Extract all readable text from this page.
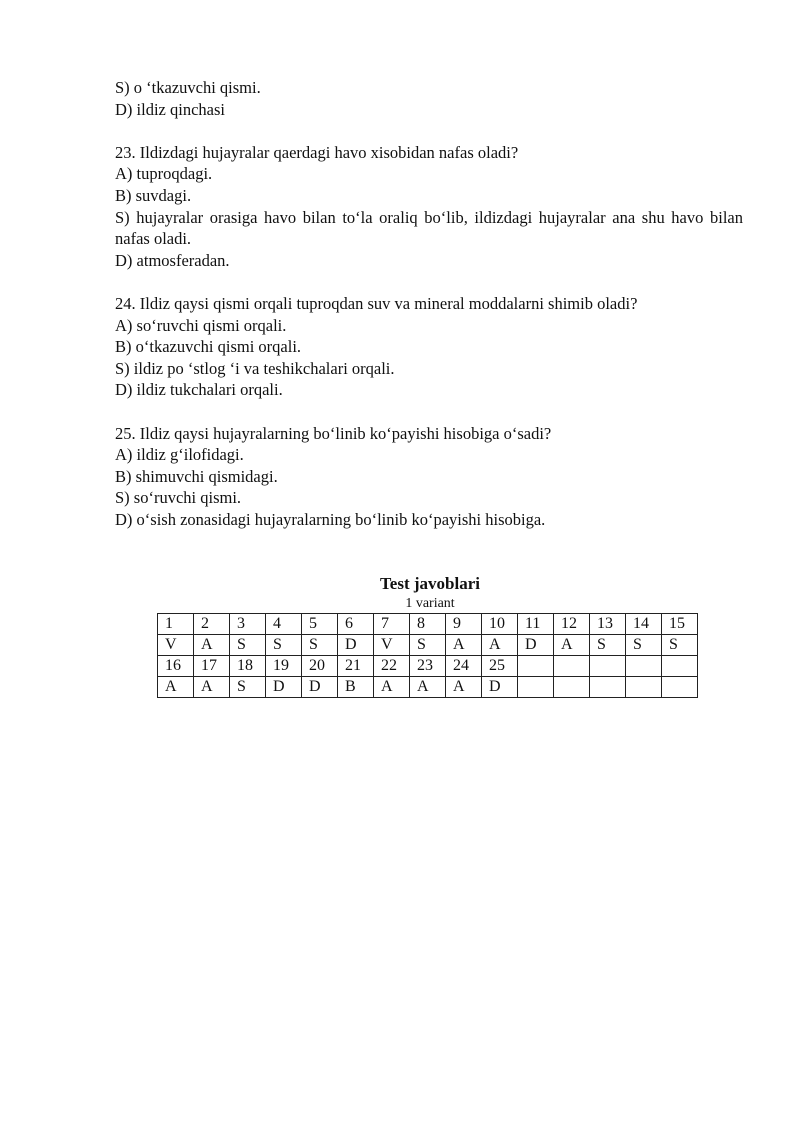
S) o ‘tkazuvchi qismi.

D) ildiz qinchasi

23. Ildizdagi hujayralar qaerdagi havo xisobidan nafas oladi?

A) tuproqdagi.

B) suvdagi.

S) hujayralar orasiga havo bilan to‘la oraliq bo‘lib, ildizdagi hujayralar ana shu havo bilan nafas oladi.

D) atmosferadan.

24. Ildiz qaysi qismi orqali tuproqdan suv va mineral moddalarni shimib oladi?

A) so‘ruvchi qismi orqali.

B) o‘tkazuvchi qismi orqali.

S) ildiz po ‘stlog ‘i va teshikchalari orqali.

D) ildiz tukchalari orqali.

25. Ildiz qaysi hujayralarning bo‘linib ko‘payishi hisobiga o‘sadi?

A) ildiz g‘ilofidagi.

B) shimuvchi qismidagi.

S) so‘ruvchi qismi.

D) o‘sish zonasidagi hujayralarning bo‘linib ko‘payishi hisobiga.

Test javoblari
1 variant
1	2	3	4	5	6	7	8	9	10	11	12	13	14	15
V	A	S	S	S	D	V	S	A	A	D	A	S	S	S
16	17	18	19	20	21	22	23	24	25					
A	A	S	D	D	B	A	A	A	D					
